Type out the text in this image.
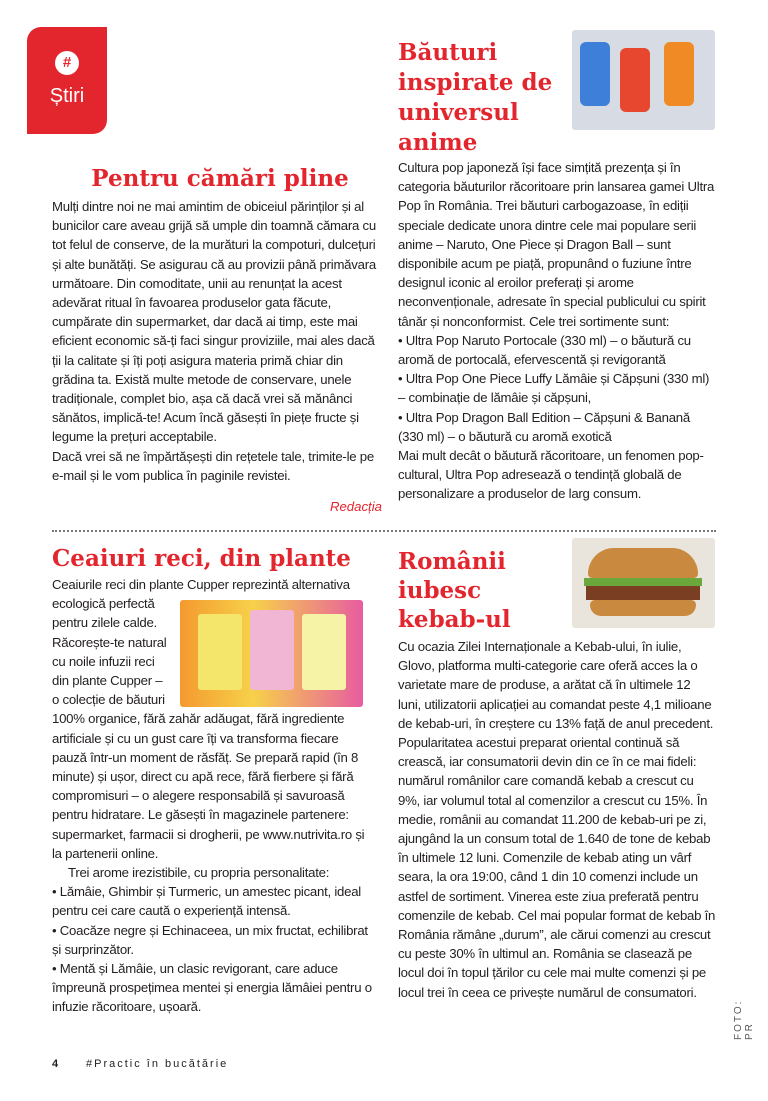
#
Știri
Pentru cămări pline

Mulți dintre noi ne mai amintim de obiceiul părinților și al bunicilor care aveau grijă să umple din toamnă cămara cu tot felul de conserve, de la murături la compoturi, dulcețuri și alte bunătăți. Se asigurau că au provizii până primăvara următoare. Din comoditate, unii au renunțat la acest adevărat ritual în favoarea produselor gata făcute, cumpărate din supermarket, dar dacă ai timp, este mai eficient economic să-ți faci singur proviziile, mai ales dacă ții la calitate și îți poți asigura materia primă chiar din grădina ta. Există multe metode de conservare, unele tradiționale, complet bio, așa că dacă vrei să mănânci sănătos, implică-te! Acum încă găsești în piețe fructe și legume la prețuri acceptabile.

Dacă vrei să ne împărtășești din rețetele tale, trimite-le pe e-mail și le vom publica în paginile revistei.

Redacția
Băuturi inspirate de universul anime

Cultura pop japoneză își face simțită prezența și în categoria băuturilor răcoritoare prin lansarea gamei Ultra Pop în România. Trei băuturi carbogazoase, în ediții speciale dedicate unora dintre cele mai populare serii anime – Naruto, One Piece și Dragon Ball – sunt disponibile acum pe piață, propunând o fuziune între designul iconic al eroilor preferați și arome neconvenționale, adresate în special publicului cu spirit tânăr și nonconformist. Cele trei sortimente sunt:

• Ultra Pop Naruto Portocale (330 ml) – o băutură cu aromă de portocală, efervescentă și revigorantă

• Ultra Pop One Piece Luffy Lămâie și Căpșuni (330 ml) – combinație de lămâie și căpșuni,

• Ultra Pop Dragon Ball Edition – Căpșuni & Banană (330 ml) – o băutură cu aromă exotică

Mai mult decât o băutură răcoritoare, un fenomen pop-cultural, Ultra Pop adresează o tendință globală de personalizare a produselor de larg consum.

Ceaiuri reci, din plante

Ceaiurile reci din plante Cupper reprezintă alternativa

ecologică perfectă

pentru zilele calde.

Răcorește-te natural

cu noile infuzii reci

din plante Cupper –

o colecție de băuturi

100% organice, fără zahăr adăugat, fără ingrediente artificiale și cu un gust care îți va transforma fiecare pauză într-un moment de răsfăț. Se prepară rapid (în 8 minute) și ușor, direct cu apă rece, fără fierbere și fără compromisuri – o alegere responsabilă și savuroasă pentru hidratare. Le găsești în magazinele partenere: supermarket, farmacii si drogherii, pe www.nutrivita.ro și la partenerii online.

Trei arome irezistibile, cu propria personalitate:

• Lămâie, Ghimbir și Turmeric, un amestec picant, ideal pentru cei care caută o experiență intensă.

• Coacăze negre și Echinaceea, un mix fructat, echilibrat și surprinzător.

• Mentă și Lămâie, un clasic revigorant, care aduce împreună prospețimea mentei și energia lămâiei pentru o infuzie răcoritoare, ușoară.

Românii iubesc kebab-ul

Cu ocazia Zilei Internaționale a Kebab-ului, în iulie, Glovo, platforma multi-categorie care oferă acces la o varietate mare de produse, a arătat că în ultimele 12 luni, utilizatorii aplicației au comandat peste 4,1 milioane de kebab-uri, în creștere cu 13% față de anul precedent. Popularitatea acestui preparat oriental continuă să crească, iar consumatorii devin din ce în ce mai fideli: numărul românilor care comandă kebab a crescut cu 9%, iar volumul total al comenzilor a crescut cu 15%. În medie, românii au comandat 11.200 de kebab-uri pe zi, ajungând la un consum total de 1.640 de tone de kebab în ultimele 12 luni. Comenzile de kebab ating un vârf seara, la ora 19:00, când 1 din 10 comenzi include un astfel de sortiment. Vinerea este ziua preferată pentru comenzile de kebab. Cel mai popular format de kebab în România rămâne „durum”, ale cărui comenzi au crescut cu peste 30% în ultimul an. România se clasează pe locul doi în topul țărilor cu cele mai multe comenzi și pe locul trei în ceea ce privește numărul de consumatori.

4	#Practic în bucătărie
FOTO: PR
